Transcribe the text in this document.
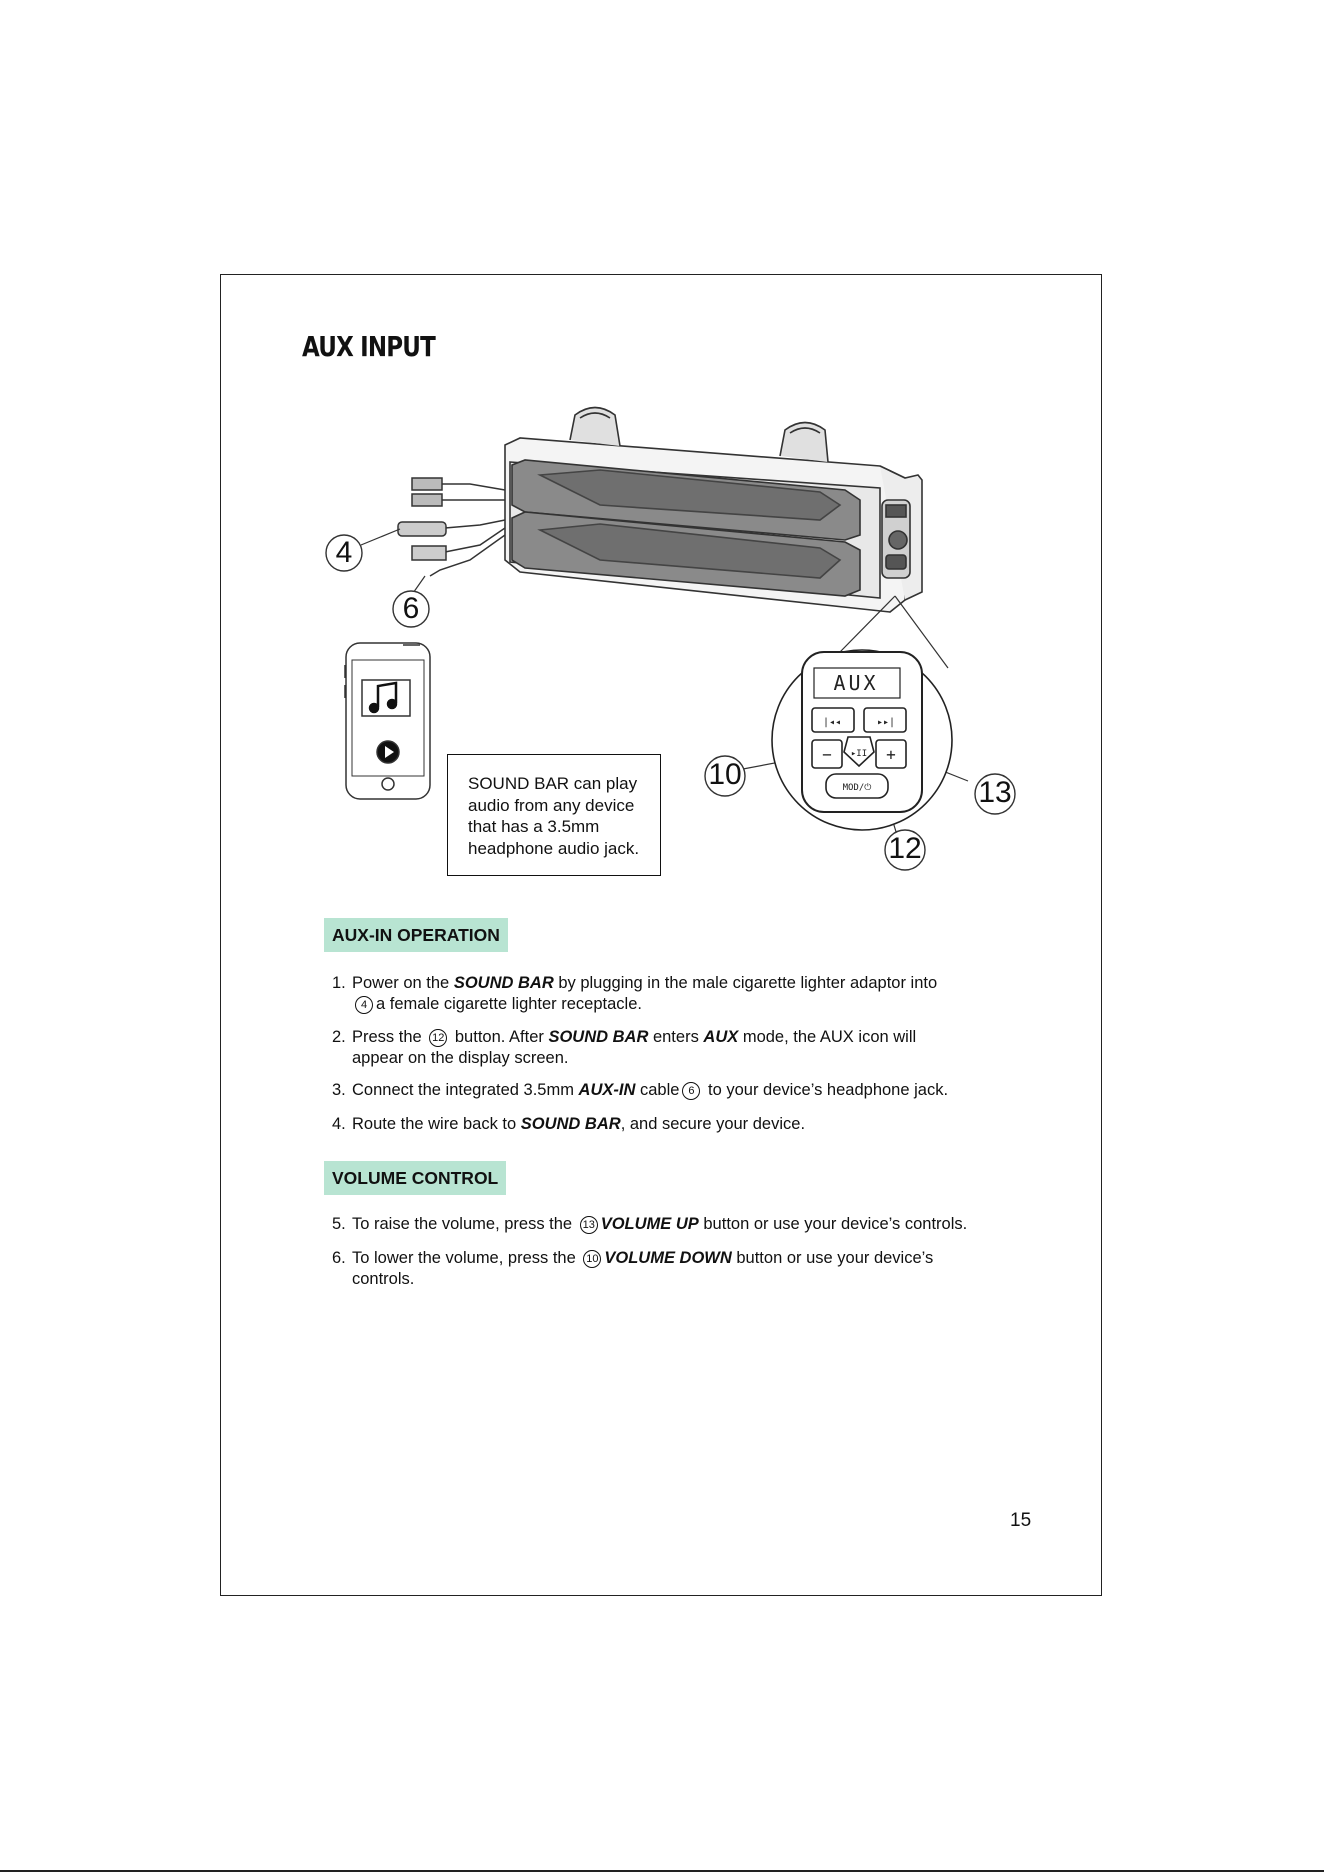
AUX INPUT
AUX
|◂◂	▸▸|
−	+
▸II
MOD/⏻
4
6
10
13
12
SOUND BAR can play
audio from any device
that has a 3.5mm
headphone audio jack.
AUX-IN OPERATION
1. Power on the SOUND BAR by plugging in the male cigarette lighter adaptor into
4 a female cigarette lighter receptacle.
2. Press the 12 button. After SOUND BAR enters AUX mode, the AUX icon will
appear on the display screen.
3. Connect the integrated 3.5mm AUX-IN cable 6 to your device’s headphone jack.
4. Route the wire back to SOUND BAR, and secure your device.
VOLUME CONTROL
5. To raise the volume, press the 13 VOLUME UP button or use your device’s controls.
6. To lower the volume, press the 10 VOLUME DOWN button or use your device’s
controls.
15
